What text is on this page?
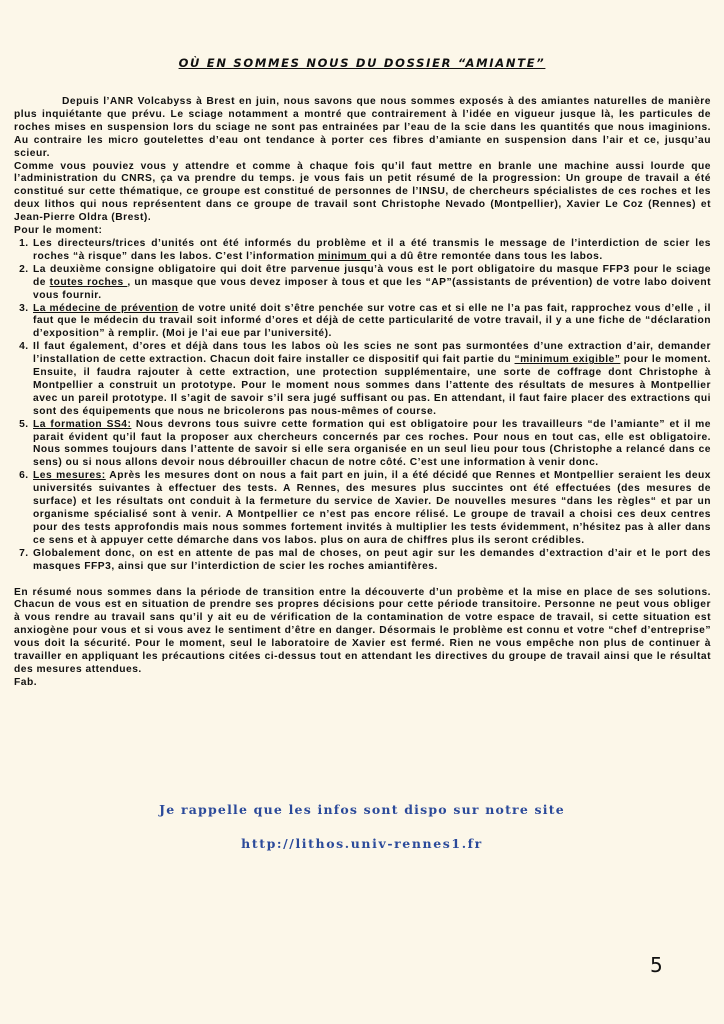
OÙ EN SOMMES NOUS DU DOSSIER “AMIANTE”

Depuis l’ANR Volcabyss à Brest en juin, nous savons que nous sommes exposés à des amiantes naturelles de manière plus inquiétante que prévu. Le sciage notamment a montré que contrairement à l’idée en vigueur jusque là, les particules de roches mises en suspension lors du sciage ne sont pas entrainées par l’eau de la scie dans les quantités que nous imaginions. Au contraire les micro goutelettes d’eau ont tendance à porter ces fibres d’amiante en suspension dans l’air et ce, jusqu’au scieur.

Comme vous pouviez vous y attendre et comme à chaque fois qu’il faut mettre en branle une machine aussi lourde que l’administration du CNRS, ça va prendre du temps. je vous fais un petit résumé de la progression: Un groupe de travail a été constitué sur cette thématique, ce groupe est constitué de personnes de l’INSU, de chercheurs spécialistes de ces roches et les deux lithos qui nous représentent dans ce groupe de travail sont Christophe Nevado (Montpellier), Xavier Le Coz (Rennes) et Jean-Pierre Oldra (Brest).

Pour le moment:

1. Les directeurs/trices d’unités ont été informés du problème et il a été transmis le message de l’interdiction de scier les roches “à risque” dans les labos. C’est l’information minimum qui a dû être remontée dans tous les labos.
2. La deuxième consigne obligatoire qui doit être parvenue jusqu’à vous est le port obligatoire du masque FFP3 pour le sciage de toutes roches , un masque que vous devez imposer à tous et que les “AP”(assistants de prévention) de votre labo doivent vous fournir.
3. La médecine de prévention de votre unité doit s’être penchée sur votre cas et si elle ne l’a pas fait, rapprochez vous d’elle , il faut que le médecin du travail soit informé d’ores et déjà de cette particularité de votre travail, il y a une fiche de “déclaration d’exposition” à remplir. (Moi je l’ai eue par l’université).
4. Il faut également, d’ores et déjà dans tous les labos où les scies ne sont pas surmontées d’une extraction d’air, demander l’installation de cette extraction. Chacun doit faire installer ce dispositif qui fait partie du “minimum exigible” pour le moment. Ensuite, il faudra rajouter à cette extraction, une protection supplémentaire, une sorte de coffrage dont Christophe à Montpellier a construit un prototype. Pour le moment nous sommes dans l’attente des résultats de mesures à Montpellier avec un pareil prototype. Il s’agit de savoir s’il sera jugé suffisant ou pas. En attendant, il faut faire placer des extractions qui sont des équipements que nous ne bricolerons pas nous-mêmes of course.
5. La formation SS4: Nous devrons tous suivre cette formation qui est obligatoire pour les travailleurs “de l’amiante” et il me parait évident qu’il faut la proposer aux chercheurs concernés par ces roches. Pour nous en tout cas, elle est obligatoire. Nous sommes toujours dans l’attente de savoir si elle sera organisée en un seul lieu pour tous (Christophe a relancé dans ce sens) ou si nous allons devoir nous débrouiller chacun de notre côté. C’est une information à venir donc.
6. Les mesures: Après les mesures dont on nous a fait part en juin, il a été décidé que Rennes et Montpellier seraient les deux universités suivantes à effectuer des tests. A Rennes, des mesures plus succintes ont été effectuées (des mesures de surface) et les résultats ont conduit à la fermeture du service de Xavier. De nouvelles mesures “dans les règles“ et par un organisme spécialisé sont à venir. A Montpellier ce n’est pas encore rélisé. Le groupe de travail a choisi ces deux centres pour des tests approfondis mais nous sommes fortement invités à multiplier les tests évidemment, n’hésitez pas à aller dans ce sens et à appuyer cette démarche dans vos labos. plus on aura de chiffres plus ils seront crédibles.
7. Globalement donc, on est en attente de pas mal de choses, on peut agir sur les demandes d’extraction d’air et le port des masques FFP3, ainsi que sur l’interdiction de scier les roches amiantifères.

En résumé nous sommes dans la période de transition entre la découverte d’un probème et la mise en place de ses solutions. Chacun de vous est en situation de prendre ses propres décisions pour cette période transitoire. Personne ne peut vous obliger à vous rendre au travail sans qu’il y ait eu de vérification de la contamination de votre espace de travail, si cette situation est anxiogène pour vous et si vous avez le sentiment d’être en danger. Désormais le problème est connu et votre “chef d’entreprise” vous doit la sécurité. Pour le moment, seul le laboratoire de Xavier est fermé. Rien ne vous empêche non plus de continuer à travailler en appliquant les précautions citées ci-dessus tout en attendant les directives du groupe de travail ainsi que le résultat des mesures attendues.

Fab.

Je rappelle que les infos sont dispo sur notre site
http://lithos.univ-rennes1.fr
5
